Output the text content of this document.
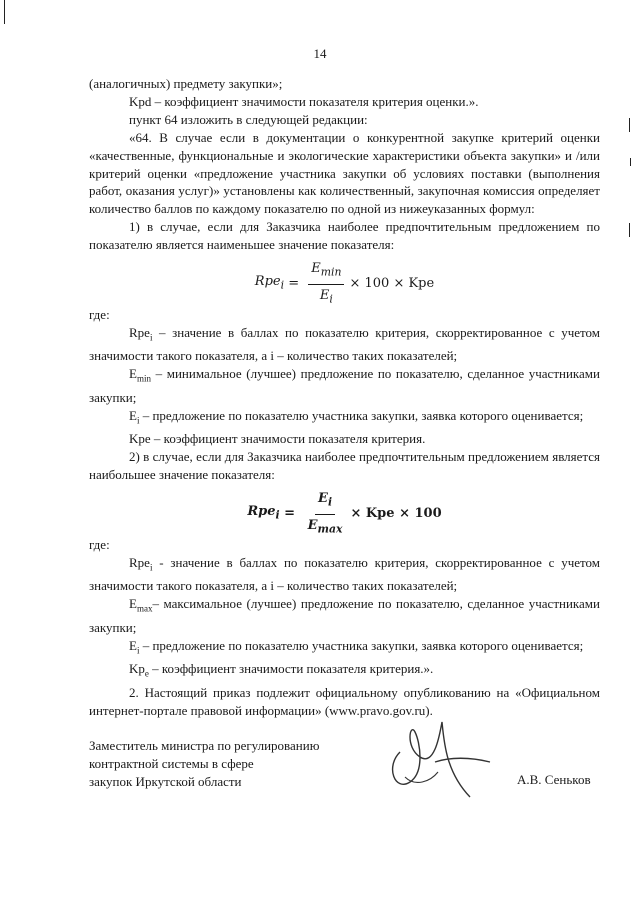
14

(аналогичных) предмету закупки»;

Kpd – коэффициент значимости показателя критерия оценки.».

пункт 64 изложить в следующей редакции:

«64. В случае если в документации о конкурентной закупке критерий оценки «качественные, функциональные и экологические характеристики объекта закупки» и /или критерий оценки «предложение участника закупки об условиях поставки (выполнения работ, оказания услуг)» установлены как количественный, закупочная комиссия определяет количество баллов по каждому показателю по одной из нижеуказанных формул:

1) в случае, если для Заказчика наиболее предпочтительным предложением по показателю является наименьшее значение показателя:

$Rpe_i = \frac{E_{min}}{E_i} \times 100$ × Kpe

где:

Rpe$_i$ – значение в баллах по показателю критерия, скорректированное с учетом значимости такого показателя, а i – количество таких показателей;

$E_{min}$ – минимальное (лучшее) предложение по показателю, сделанное участниками закупки;

$E_i$ – предложение по показателю участника закупки, заявка которого оценивается;

Kpe – коэффициент значимости показателя критерия.

2) в случае, если для Заказчика наиболее предпочтительным предложением является наибольшее значение показателя:

$Rpe_i = \frac{E_i}{E_{max}}$ × Kpe × 100

где:

Rpe$_i$ - значение в баллах по показателю критерия, скорректированное с учетом значимости такого показателя, а i – количество таких показателей;

$E_{max}-$ максимальное (лучшее) предложение по показателю, сделанное участниками закупки;

$E_i$ – предложение по показателю участника закупки, заявка которого оценивается;

$Kp_e$ – коэффициент значимости показателя критерия.».

2. Настоящий приказ подлежит официальному опубликованию на «Официальном интернет-портале правовой информации» (www.pravo.gov.ru).

Заместитель министра по регулированию
контрактной системы в сфере
закупок Иркутской области	А.В. Сеньков
